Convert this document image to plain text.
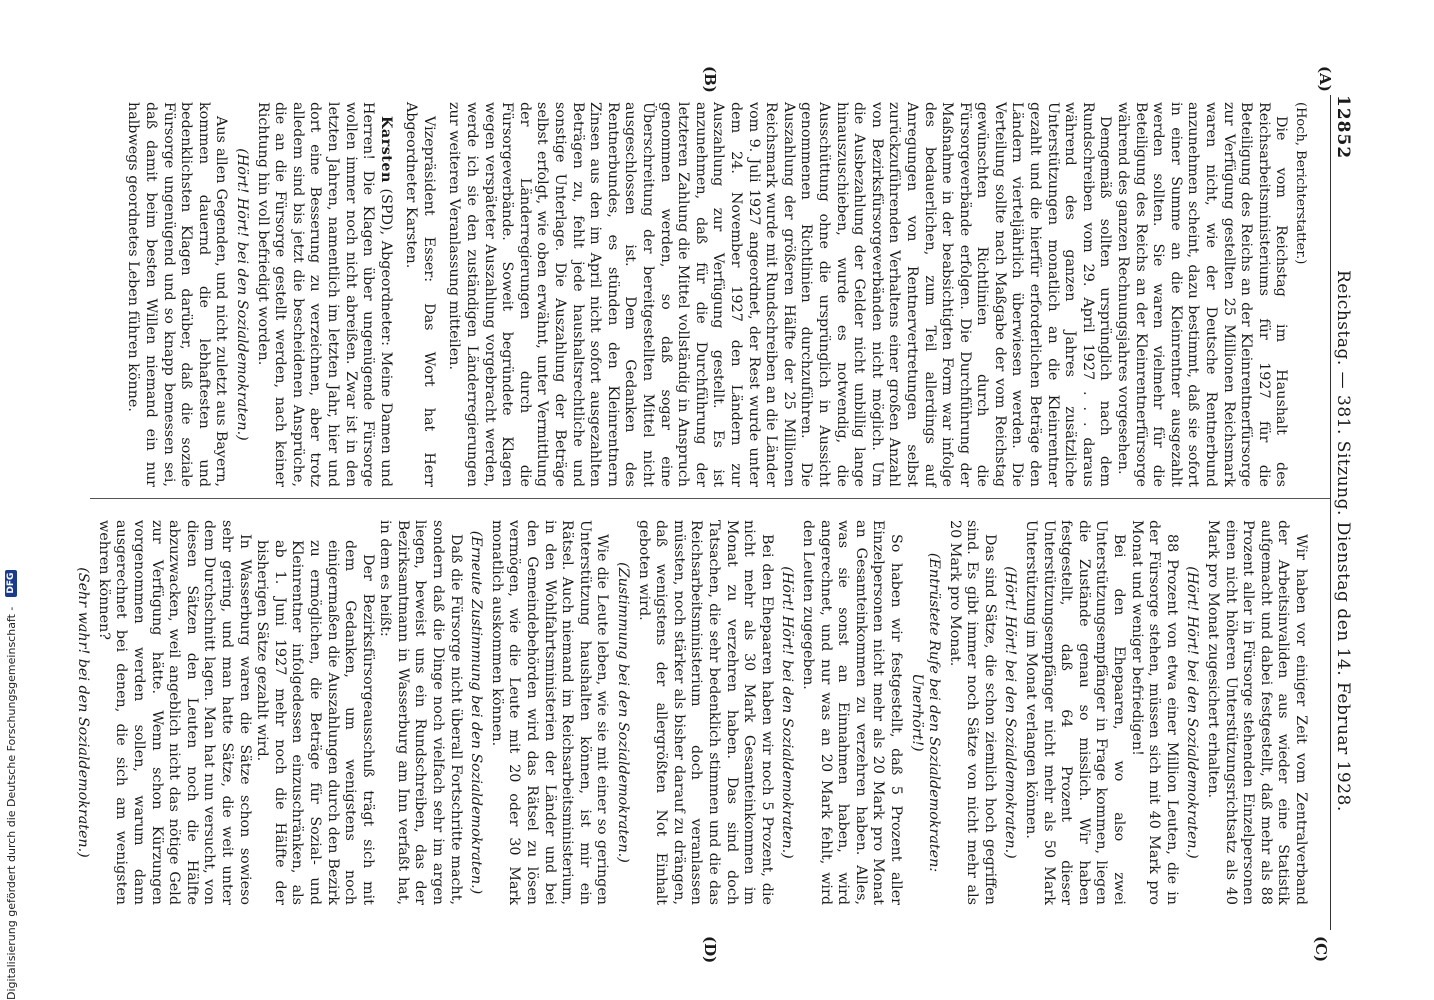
12852
Reichstag. — 381. Sitzung. Dienstag den 14. Februar 1928.
(A)
(B)
(C)
(D)

(Hoch, Berichterstatter.)

Die vom Reichstag im Haushalt des Reichsarbeitsministeriums für 1927 für die Beteiligung des Reichs an der Kleinrentnerfürsorge zur Verfügung gestellten 25 Millionen Reichsmark waren nicht, wie der Deutsche Rentnerbund anzunehmen scheint, dazu bestimmt, daß sie sofort in einer Summe an die Kleinrentner ausgezahlt werden sollten. Sie waren vielmehr für die Beteiligung des Reichs an der Kleinrentnerfürsorge während des ganzen Rechnungsjahres vorgesehen.

Demgemäß sollten ursprünglich nach dem Rundschreiben vom 29. April 1927 . . . daraus während des ganzen Jahres zusätzliche Unterstützungen monatlich an die Kleinrentner gezahlt und die hierfür erforderlichen Beträge den Ländern vierteljährlich überwiesen werden. Die Verteilung sollte nach Maßgabe der vom Reichstag gewünschten Richtlinien durch die Fürsorgeverbände erfolgen. Die Durchführung der Maßnahme in der beabsichtigten Form war infolge des bedauerlichen, zum Teil allerdings auf Anregungen von Rentnervertretungen selbst zurückzuführenden Verhaltens einer großen Anzahl von Bezirksfürsorgeverbänden nicht möglich. Um die Ausbezahlung der Gelder nicht unbillig lange hinauszuschieben, wurde es notwendig, die Ausschüttung ohne die ursprünglich in Aussicht genommenen Richtlinien durchzuführen. Die Auszahlung der größeren Hälfte der 25 Millionen Reichsmark wurde mit Rundschreiben an die Länder vom 9. Juli 1927 angeordnet, der Rest wurde unter dem 24. November 1927 den Ländern zur Auszahlung zur Verfügung gestellt. Es ist anzunehmen, daß für die Durchführung der letzteren Zahlung die Mittel vollständig in Anspruch genommen werden, so daß sogar eine Überschreitung der bereitgestellten Mittel nicht ausgeschlossen ist. Dem Gedanken des Rentnerbundes, es stünden den Kleinrentnern Zinsen aus den im April nicht sofort ausgezahlten Beträgen zu, fehlt jede haushaltsrechtliche und sonstige Unterlage. Die Auszahlung der Beträge selbst erfolgt, wie oben erwähnt, unter Vermittlung der Länderregierungen durch die Fürsorgeverbände. Soweit begründete Klagen wegen verspäteter Auszahlung vorgebracht werden, werde ich sie den zuständigen Länderregierungen zur weiteren Veranlassung mitteilen.

Vizepräsident Esser: Das Wort hat Herr Abgeordneter Karsten.

Karsten (SPD), Abgeordneter: Meine Damen und Herren! Die Klagen über ungenügende Fürsorge wollen immer noch nicht abreißen. Zwar ist in den letzten Jahren, namentlich im letzten Jahr, hier und dort eine Besserung zu verzeichnen, aber trotz alledem sind bis jetzt die bescheidenen Ansprüche, die an die Fürsorge gestellt werden, nach keiner Richtung hin voll befriedigt worden.

(Hört! Hört! bei den Sozialdemokraten.)

Aus allen Gegenden, und nicht zuletzt aus Bayern, kommen dauernd die lebhaftesten und bedenklichsten Klagen darüber, daß die soziale Fürsorge ungenügend und so knapp bemessen sei, daß damit beim besten Willen niemand ein nur halbwegs geordnetes Leben führen könne.

Wir haben vor einiger Zeit vom Zentralverband der Arbeitsinvaliden aus wieder eine Statistik aufgemacht und dabei festgestellt, daß mehr als 88 Prozent aller in Fürsorge stehenden Einzelpersonen einen nicht höheren Unterstützungsrichtsatz als 40 Mark pro Monat zugesichert erhalten.

(Hört! Hört! bei den Sozialdemokraten.)

88 Prozent von etwa einer Million Leuten, die in der Fürsorge stehen, müssen sich mit 40 Mark pro Monat und weniger befriedigen!

Bei den Ehepaaren, wo also zwei Unterstützungsempfänger in Frage kommen, liegen die Zustände genau so misslich. Wir haben festgestellt, daß 64 Prozent dieser Unterstützungsempfänger nicht mehr als 50 Mark Unterstützung im Monat verlangen können.

(Hört! Hört! bei den Sozialdemokraten.)

Das sind Sätze, die schon ziemlich hoch gegriffen sind. Es gibt immer noch Sätze von nicht mehr als 20 Mark pro Monat.

(Entrüstete Rufe bei den Sozialdemokraten: Unerhört!)

So haben wir festgestellt, daß 5 Prozent aller Einzelpersonen nicht mehr als 20 Mark pro Monat an Gesamteinkommen zu verzehren haben. Alles, was sie sonst an Einnahmen haben, wird angerechnet, und nur was an 20 Mark fehlt, wird den Leuten zugegeben.

(Hört! Hört! bei den Sozialdemokraten.)

Bei den Ehepaaren haben wir noch 5 Prozent, die nicht mehr als 30 Mark Gesamteinkommen im Monat zu verzehren haben. Das sind doch Tatsachen, die sehr bedenklich stimmen und die das Reichsarbeitsministerium doch veranlassen müssten, noch stärker als bisher darauf zu drängen, daß wenigstens der allergrößten Not Einhalt geboten wird.

(Zustimmung bei den Sozialdemokraten.)

Wie die Leute leben, wie sie mit einer so geringen Unterstützung haushalten können, ist mir ein Rätsel. Auch niemand im Reichsarbeitsministerium, in den Wohlfahrtsministerien der Länder und bei den Gemeindebehörden wird das Rätsel zu lösen vermögen, wie die Leute mit 20 oder 30 Mark monatlich auskommen können.

(Erneute Zustimmung bei den Sozialdemokraten.)

Daß die Fürsorge nicht überall Fortschritte macht, sondern daß die Dinge noch vielfach sehr im argen liegen, beweist uns ein Rundschreiben, das der Bezirksamtmann in Wasserburg am Inn verfaßt hat, in dem es heißt:

Der Bezirksfürsorgeausschuß trägt sich mit dem Gedanken, um wenigstens noch einigermaßen die Auszahlungen durch den Bezirk zu ermöglichen, die Beträge für Sozial- und Kleinrentner infolgedessen einzuschränken, als ab 1. Juni 1927 mehr noch die Hälfte der bisherigen Sätze gezahlt wird.

In Wasserburg waren die Sätze schon sowieso sehr gering, und man hatte Sätze, die weit unter dem Durchschnitt lagen. Man hat nun versucht, von diesen Sätzen den Leuten noch die Hälfte abzuzwacken, weil angeblich nicht das nötige Geld zur Verfügung hätte. Wenn schon Kürzungen vorgenommen werden sollen, warum dann ausgerechnet bei denen, die sich am wenigsten wehren können?

(Sehr wahr! bei den Sozialdemokraten.)

Digitalisierung gefördert durch die Deutsche Forschungsgemeinschaft -
DFG
